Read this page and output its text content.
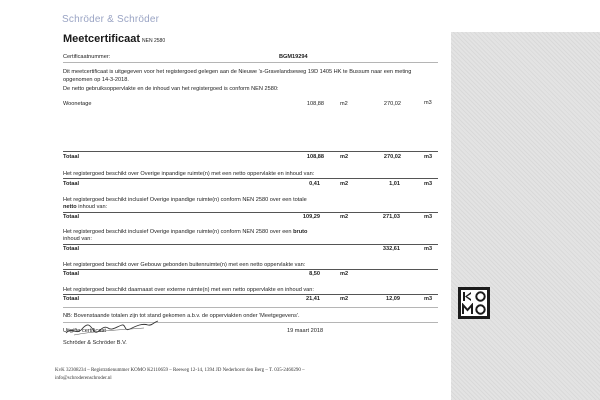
Schröder & Schröder
Meetcertificaat NEN 2580
Certificaatnummer:	BGM19294
Dit meetcertificaat is uitgegeven voor het registergoed gelegen aan de Nieuwe 's-Gravelandseweg 19D 1405 HK te Bussum naar een meting opgenomen op 14-3-2018.
De netto gebruiksoppervlakte en de inhoud van het registergoed is conform NEN 2580:
Woonetage	108,88	m2	270,02	m3
Totaal	108,88	m2	270,02	m3
Het registergoed beschikt over Overige inpandige ruimte(n) met een netto oppervlakte en inhoud van:
Totaal	0,41	m2	1,01	m3
Het registergoed beschikt inclusief Overige inpandige ruimte(n) conform NEN 2580 over een totale
netto inhoud van:
Totaal	109,29	m2	271,03	m3
Het registergoed beschikt inclusief Overige inpandige ruimte(n) conform NEN 2580 over een bruto
inhoud van:
Totaal	332,61	m3
Het registergoed beschikt over Gebouw gebonden buitenruimte(n) met een netto oppervlakte van:
Totaal	8,50	m2
Het registergoed beschikt daarnaast over externe ruimte(n) met een netto oppervlakte en inhoud van:
Totaal	21,41	m2	12,09	m3
NB: Bovenstaande totalen zijn tot stand gekomen a.b.v. de opperviakten onder 'Meetgegevens'.
Uitgifte certificaat	19 maart 2018
Schröder & Schröder B.V.
KvK 32308234 – Registratienummer KOMO K2110659 – Reeweg 12-14, 1394 JD Nederhorst den Berg – T. 035-2460290 –
info@schroderenschroder.nl
